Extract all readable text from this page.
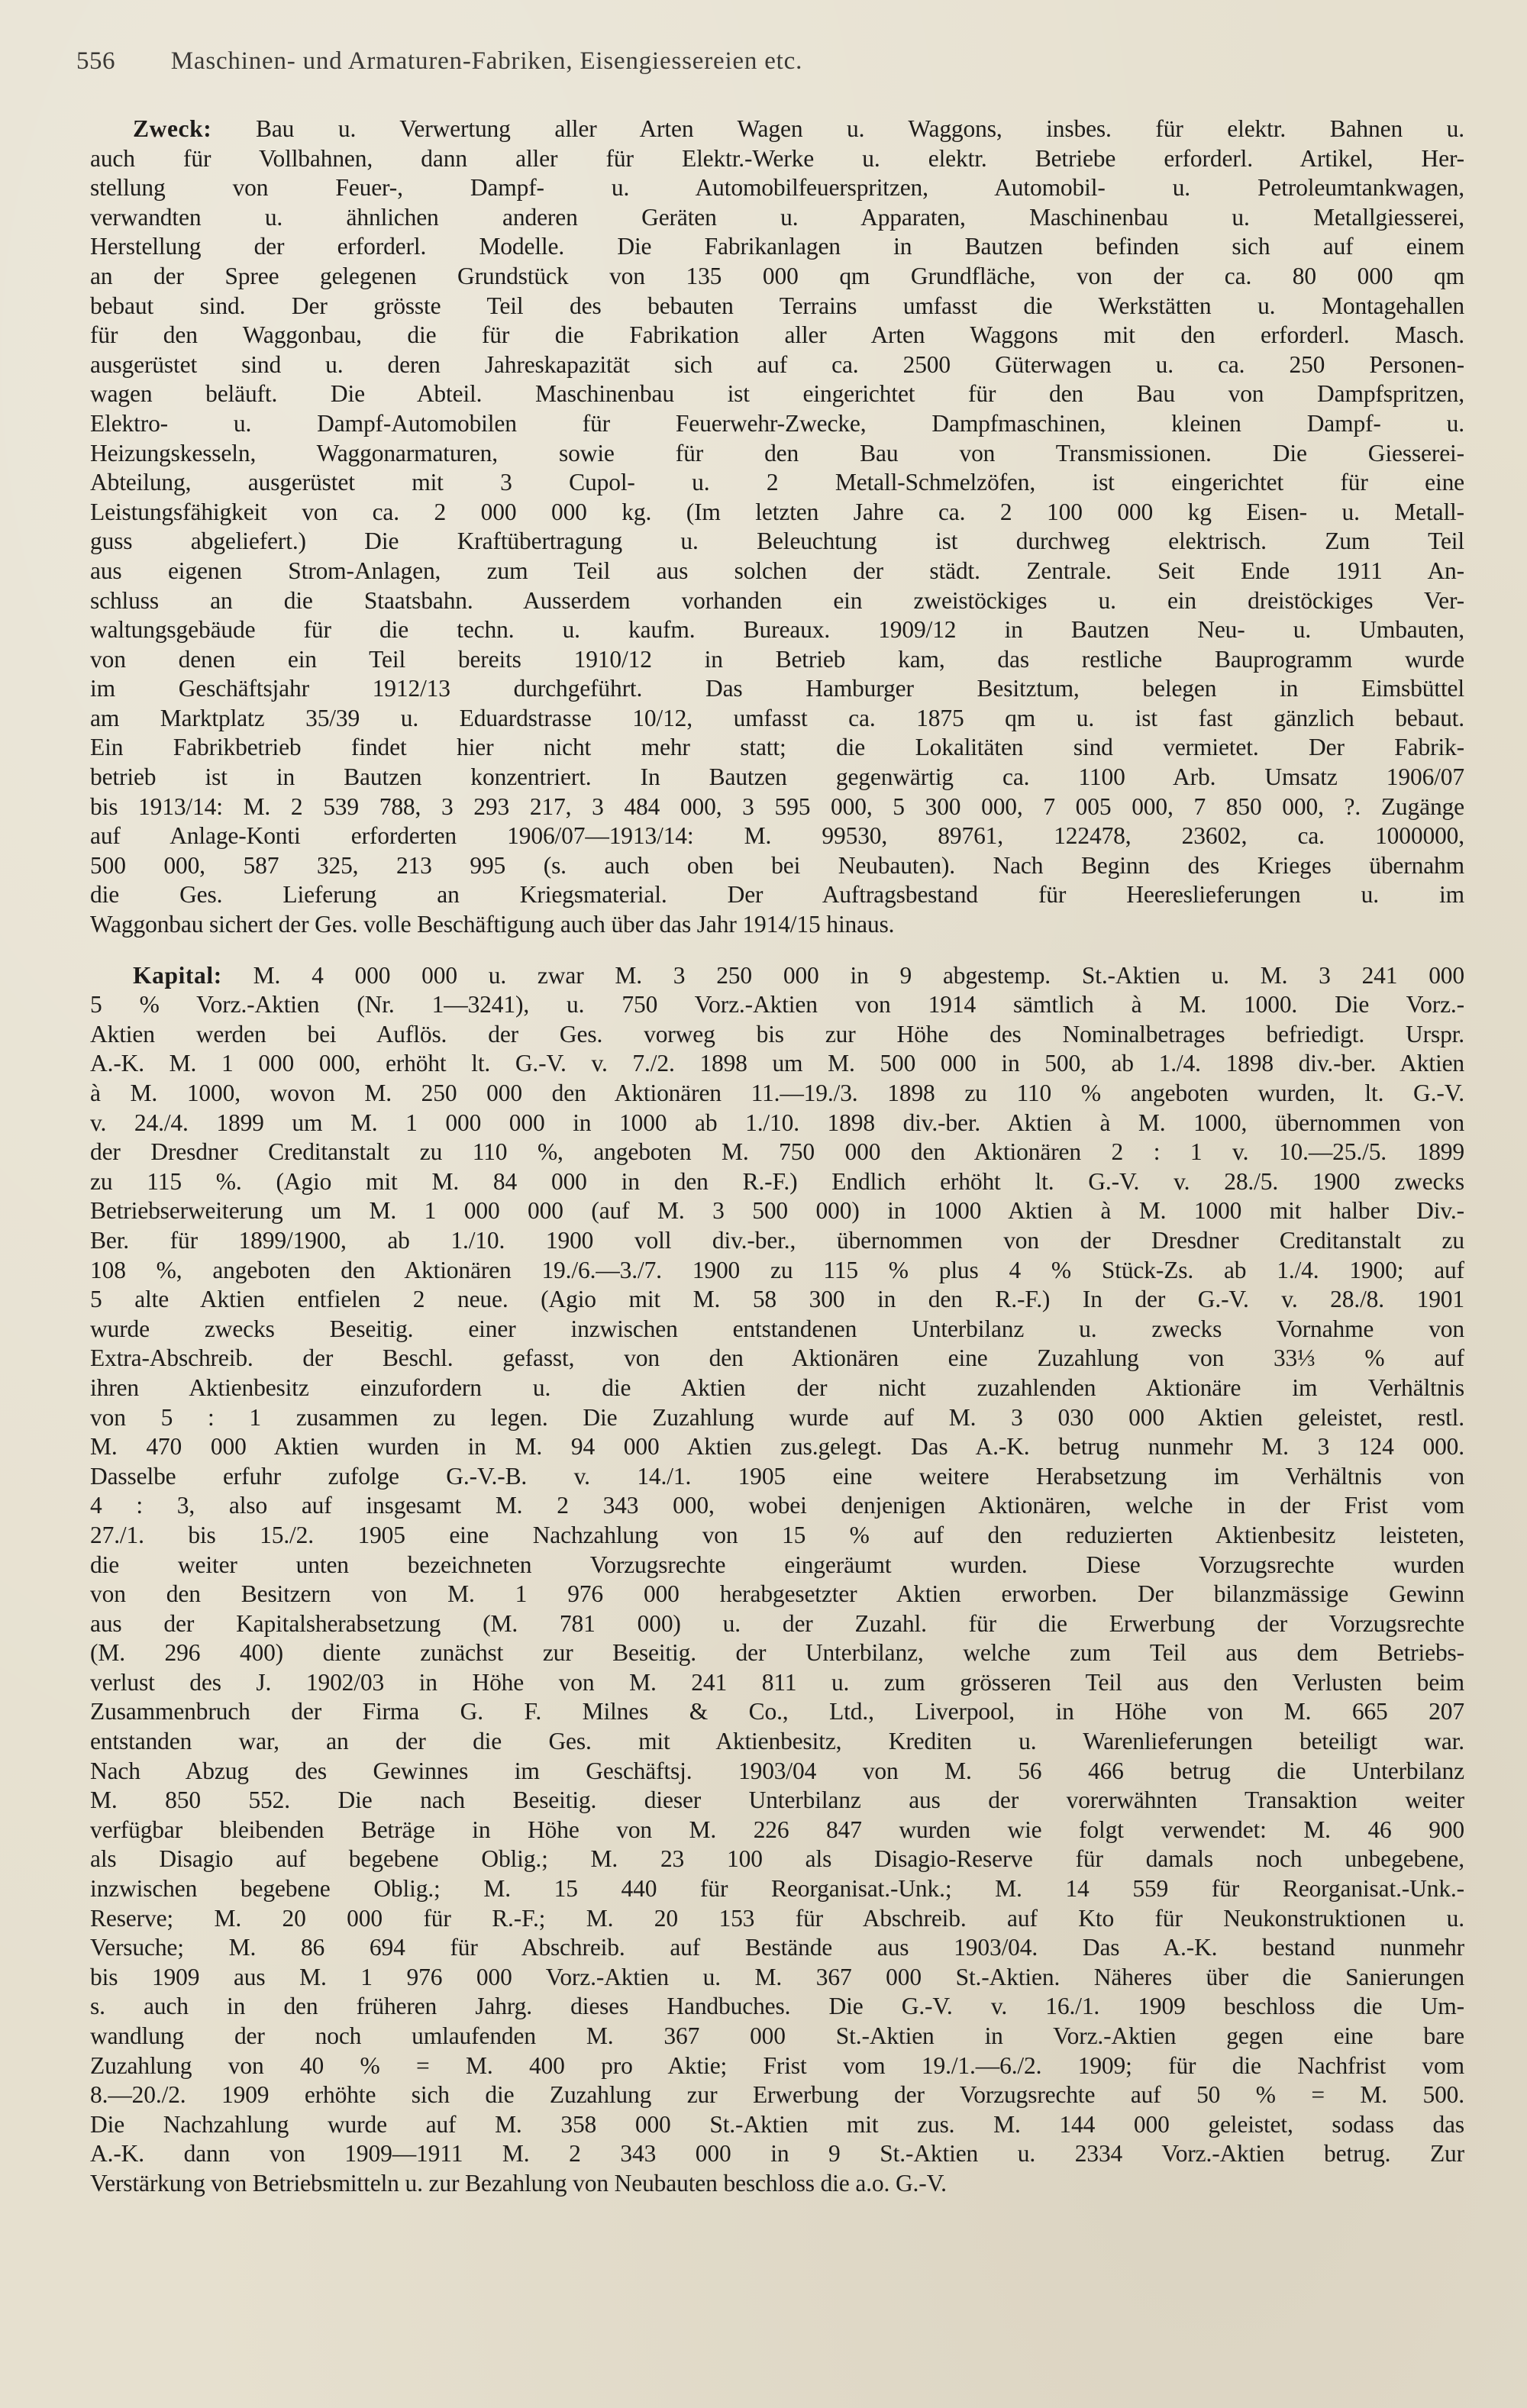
556 Maschinen- und Armaturen-Fabriken, Eisengiessereien etc.
Zweck: Bau u. Verwertung aller Arten Wagen u. Waggons, insbes. für elektr. Bahnen u.
auch für Vollbahnen, dann aller für Elektr.-Werke u. elektr. Betriebe erforderl. Artikel, Her-
stellung von Feuer-, Dampf- u. Automobilfeuerspritzen, Automobil- u. Petroleumtankwagen,
verwandten u. ähnlichen anderen Geräten u. Apparaten, Maschinenbau u. Metallgiesserei,
Herstellung der erforderl. Modelle. Die Fabrikanlagen in Bautzen befinden sich auf einem
an der Spree gelegenen Grundstück von 135 000 qm Grundfläche, von der ca. 80 000 qm
bebaut sind. Der grösste Teil des bebauten Terrains umfasst die Werkstätten u. Montagehallen
für den Waggonbau, die für die Fabrikation aller Arten Waggons mit den erforderl. Masch.
ausgerüstet sind u. deren Jahreskapazität sich auf ca. 2500 Güterwagen u. ca. 250 Personen-
wagen beläuft. Die Abteil. Maschinenbau ist eingerichtet für den Bau von Dampfspritzen,
Elektro- u. Dampf-Automobilen für Feuerwehr-Zwecke, Dampfmaschinen, kleinen Dampf- u.
Heizungskesseln, Waggonarmaturen, sowie für den Bau von Transmissionen. Die Giesserei-
Abteilung, ausgerüstet mit 3 Cupol- u. 2 Metall-Schmelzöfen, ist eingerichtet für eine
Leistungsfähigkeit von ca. 2 000 000 kg. (Im letzten Jahre ca. 2 100 000 kg Eisen- u. Metall-
guss abgeliefert.) Die Kraftübertragung u. Beleuchtung ist durchweg elektrisch. Zum Teil
aus eigenen Strom-Anlagen, zum Teil aus solchen der städt. Zentrale. Seit Ende 1911 An-
schluss an die Staatsbahn. Ausserdem vorhanden ein zweistöckiges u. ein dreistöckiges Ver-
waltungsgebäude für die techn. u. kaufm. Bureaux. 1909/12 in Bautzen Neu- u. Umbauten,
von denen ein Teil bereits 1910/12 in Betrieb kam, das restliche Bauprogramm wurde
im Geschäftsjahr 1912/13 durchgeführt. Das Hamburger Besitztum, belegen in Eimsbüttel
am Marktplatz 35/39 u. Eduardstrasse 10/12, umfasst ca. 1875 qm u. ist fast gänzlich bebaut.
Ein Fabrikbetrieb findet hier nicht mehr statt; die Lokalitäten sind vermietet. Der Fabrik-
betrieb ist in Bautzen konzentriert. In Bautzen gegenwärtig ca. 1100 Arb. Umsatz 1906/07
bis 1913/14: M. 2 539 788, 3 293 217, 3 484 000, 3 595 000, 5 300 000, 7 005 000, 7 850 000, ?. Zugänge
auf Anlage-Konti erforderten 1906/07—1913/14: M. 99530, 89761, 122478, 23602, ca. 1000000,
500 000, 587 325, 213 995 (s. auch oben bei Neubauten). Nach Beginn des Krieges übernahm
die Ges. Lieferung an Kriegsmaterial. Der Auftragsbestand für Heereslieferungen u. im
Waggonbau sichert der Ges. volle Beschäftigung auch über das Jahr 1914/15 hinaus.
Kapital: M. 4 000 000 u. zwar M. 3 250 000 in 9 abgestemp. St.-Aktien u. M. 3 241 000
5 % Vorz.-Aktien (Nr. 1—3241), u. 750 Vorz.-Aktien von 1914 sämtlich à M. 1000. Die Vorz.-
Aktien werden bei Auflös. der Ges. vorweg bis zur Höhe des Nominalbetrages befriedigt. Urspr.
A.-K. M. 1 000 000, erhöht lt. G.-V. v. 7./2. 1898 um M. 500 000 in 500, ab 1./4. 1898 div.-ber. Aktien
à M. 1000, wovon M. 250 000 den Aktionären 11.—19./3. 1898 zu 110 % angeboten wurden, lt. G.-V.
v. 24./4. 1899 um M. 1 000 000 in 1000 ab 1./10. 1898 div.-ber. Aktien à M. 1000, übernommen von
der Dresdner Creditanstalt zu 110 %, angeboten M. 750 000 den Aktionären 2 : 1 v. 10.—25./5. 1899
zu 115 %. (Agio mit M. 84 000 in den R.-F.) Endlich erhöht lt. G.-V. v. 28./5. 1900 zwecks
Betriebserweiterung um M. 1 000 000 (auf M. 3 500 000) in 1000 Aktien à M. 1000 mit halber Div.-
Ber. für 1899/1900, ab 1./10. 1900 voll div.-ber., übernommen von der Dresdner Creditanstalt zu
108 %, angeboten den Aktionären 19./6.—3./7. 1900 zu 115 % plus 4 % Stück-Zs. ab 1./4. 1900; auf
5 alte Aktien entfielen 2 neue. (Agio mit M. 58 300 in den R.-F.) In der G.-V. v. 28./8. 1901
wurde zwecks Beseitig. einer inzwischen entstandenen Unterbilanz u. zwecks Vornahme von
Extra-Abschreib. der Beschl. gefasst, von den Aktionären eine Zuzahlung von 33⅓ % auf
ihren Aktienbesitz einzufordern u. die Aktien der nicht zuzahlenden Aktionäre im Verhältnis
von 5 : 1 zusammen zu legen. Die Zuzahlung wurde auf M. 3 030 000 Aktien geleistet, restl.
M. 470 000 Aktien wurden in M. 94 000 Aktien zus.gelegt. Das A.-K. betrug nunmehr M. 3 124 000.
Dasselbe erfuhr zufolge G.-V.-B. v. 14./1. 1905 eine weitere Herabsetzung im Verhältnis von
4 : 3, also auf insgesamt M. 2 343 000, wobei denjenigen Aktionären, welche in der Frist vom
27./1. bis 15./2. 1905 eine Nachzahlung von 15 % auf den reduzierten Aktienbesitz leisteten,
die weiter unten bezeichneten Vorzugsrechte eingeräumt wurden. Diese Vorzugsrechte wurden
von den Besitzern von M. 1 976 000 herabgesetzter Aktien erworben. Der bilanzmässige Gewinn
aus der Kapitalsherabsetzung (M. 781 000) u. der Zuzahl. für die Erwerbung der Vorzugsrechte
(M. 296 400) diente zunächst zur Beseitig. der Unterbilanz, welche zum Teil aus dem Betriebs-
verlust des J. 1902/03 in Höhe von M. 241 811 u. zum grösseren Teil aus den Verlusten beim
Zusammenbruch der Firma G. F. Milnes & Co., Ltd., Liverpool, in Höhe von M. 665 207
entstanden war, an der die Ges. mit Aktienbesitz, Krediten u. Warenlieferungen beteiligt war.
Nach Abzug des Gewinnes im Geschäftsj. 1903/04 von M. 56 466 betrug die Unterbilanz
M. 850 552. Die nach Beseitig. dieser Unterbilanz aus der vorerwähnten Transaktion weiter
verfügbar bleibenden Beträge in Höhe von M. 226 847 wurden wie folgt verwendet: M. 46 900
als Disagio auf begebene Oblig.; M. 23 100 als Disagio-Reserve für damals noch unbegebene,
inzwischen begebene Oblig.; M. 15 440 für Reorganisat.-Unk.; M. 14 559 für Reorganisat.-Unk.-
Reserve; M. 20 000 für R.-F.; M. 20 153 für Abschreib. auf Kto für Neukonstruktionen u.
Versuche; M. 86 694 für Abschreib. auf Bestände aus 1903/04. Das A.-K. bestand nunmehr
bis 1909 aus M. 1 976 000 Vorz.-Aktien u. M. 367 000 St.-Aktien. Näheres über die Sanierungen
s. auch in den früheren Jahrg. dieses Handbuches. Die G.-V. v. 16./1. 1909 beschloss die Um-
wandlung der noch umlaufenden M. 367 000 St.-Aktien in Vorz.-Aktien gegen eine bare
Zuzahlung von 40 % = M. 400 pro Aktie; Frist vom 19./1.—6./2. 1909; für die Nachfrist vom
8.—20./2. 1909 erhöhte sich die Zuzahlung zur Erwerbung der Vorzugsrechte auf 50 % = M. 500.
Die Nachzahlung wurde auf M. 358 000 St.-Aktien mit zus. M. 144 000 geleistet, sodass das
A.-K. dann von 1909—1911 M. 2 343 000 in 9 St.-Aktien u. 2334 Vorz.-Aktien betrug. Zur
Verstärkung von Betriebsmitteln u. zur Bezahlung von Neubauten beschloss die a.o. G.-V.
